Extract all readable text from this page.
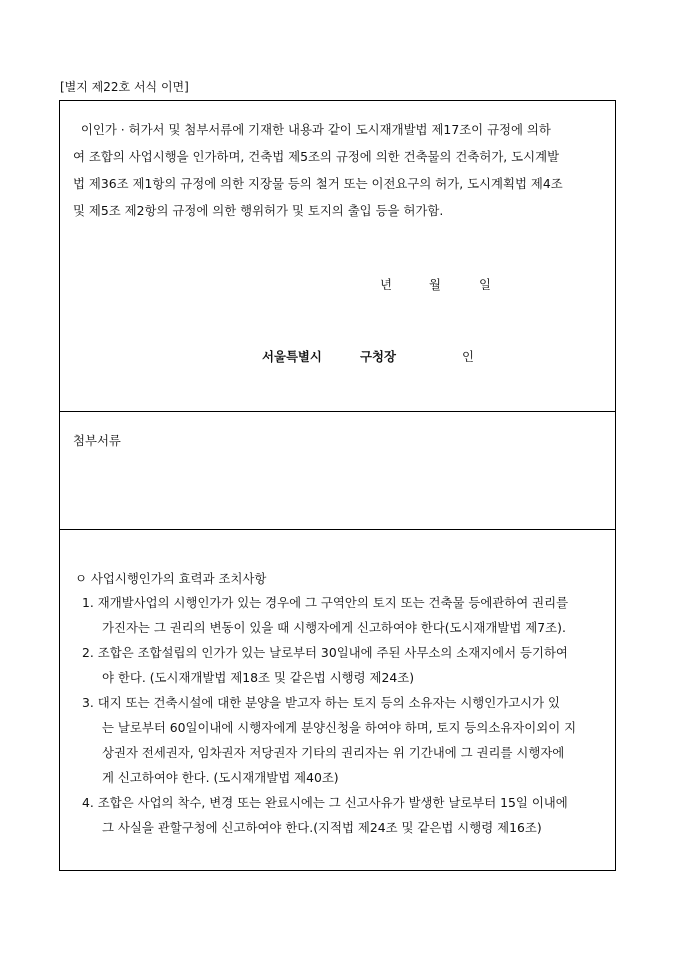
[별지 제22호 서식 이면]
이인가 · 허가서 및 첨부서류에 기재한 내용과 같이 도시재개발법 제17조이 규정에 의하
여 조합의 사업시행을 인가하며, 건축법 제5조의 규정에 의한 건축물의 건축허가, 도시계발
법 제36조 제1항의 규정에 의한 지장물 등의 철거 또는 이전요구의 허가, 도시계획법 제4조
및 제5조 제2항의 규정에 의한 행위허가 및 토지의 출입 등을 허가함.
년	월	일
서울특별시	구청장	인
첨부서류
ㅇ 사업시행인가의 효력과 조치사항
1. 재개발사업의 시행인가가 있는 경우에 그 구역안의 토지 또는 건축물 등에관하여 권리를
가진자는 그 권리의 변동이 있을 때 시행자에게 신고하여야 한다(도시재개발법 제7조).
2. 조합은 조합설립의 인가가 있는 날로부터 30일내에 주된 사무소의 소재지에서 등기하여
야 한다. (도시재개발법 제18조 및 같은법 시행령 제24조)
3. 대지 또는 건축시설에 대한 분양을 받고자 하는 토지 등의 소유자는 시행인가고시가 있
는 날로부터 60일이내에 시행자에게 분양신청을 하여야 하며, 토지 등의소유자이외이 지
상권자 전세권자, 임차권자 저당권자 기타의 권리자는 위 기간내에 그 권리를 시행자에
게 신고하여야 한다. (도시재개발법 제40조)
4. 조합은 사업의 착수, 변경 또는 완료시에는 그 신고사유가 발생한 날로부터 15일 이내에
그 사실을 관할구청에 신고하여야 한다.(지적법 제24조 및 같은법 시행령 제16조)
